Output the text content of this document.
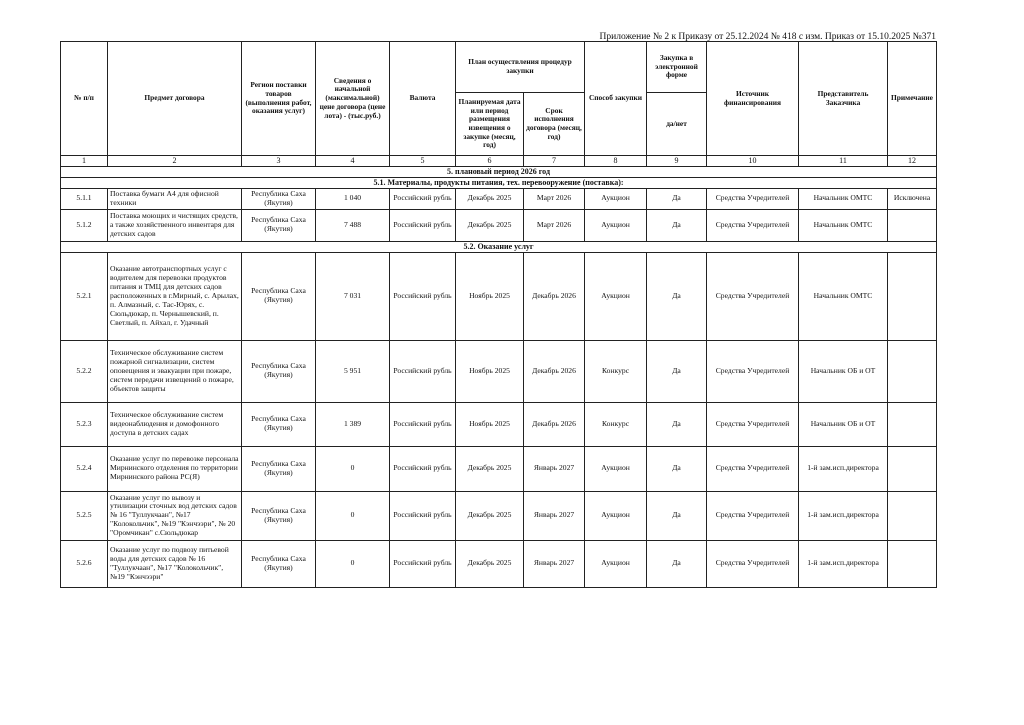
Приложение № 2 к Приказу от 25.12.2024 № 418 с изм. Приказ от 15.10.2025 №371
№ п/п	Предмет договора	Регион поставки товаров (выполнения работ, оказания услуг)	Сведения о начальной (максимальной) цене договора (цене лота) - (тыс.руб.)	Валюта	План осуществления процедур закупки		Способ закупки	Закупка в электронной форме	Источник финансирования	Представитель Заказчика	Примечание
					Планируемая дата или период размещения извещения о закупке (месяц, год)	Срок исполнения договора (месяц, год)		да/нет			
1	2	3	4	5	6	7	8	9	10	11	12
5. плановый период 2026 год											
5.1. Материалы, продукты питания, тех. перевооружение (поставка):											
5.1.1	Поставка бумаги А4 для офисной техники	Республика Саха (Якутия)	1 040	Российский рубль	Декабрь 2025	Март 2026	Аукцион	Да	Средства Учредителей	Начальник ОМТС	Исключена
5.1.2	Поставка моющих и чистящих средств, а также хозяйственного инвентаря для детских садов	Республика Саха (Якутия)	7 488	Российский рубль	Декабрь 2025	Март 2026	Аукцион	Да	Средства Учредителей	Начальник ОМТС	
5.2. Оказание услуг											
5.2.1	Оказание автотранспортных услуг с водителем для перевозки продуктов питания и ТМЦ для детских садов расположенных в г.Мирный, с. Арылах, п. Алмазный, с. Тас-Юрях, с. Сюльдюкар, п. Чернышевский, п. Светлый, п. Айхал, г. Удачный	Республика Саха (Якутия)	7 031	Российский рубль	Ноябрь 2025	Декабрь 2026	Аукцион	Да	Средства Учредителей	Начальник ОМТС	
5.2.2	Техническое обслуживание систем пожарной сигнализации, систем оповещения и эвакуации при пожаре, систем передачи извещений о пожаре, объектов защиты	Республика Саха (Якутия)	5 951	Российский рубль	Ноябрь 2025	Декабрь 2026	Конкурс	Да	Средства Учредителей	Начальник ОБ и ОТ	
5.2.3	Техническое обслуживание систем видеонаблюдения и домофонного доступа в детских садах	Республика Саха (Якутия)	1 389	Российский рубль	Ноябрь 2025	Декабрь 2026	Конкурс	Да	Средства Учредителей	Начальник ОБ и ОТ	
5.2.4	Оказание услуг по перевозке персонала Мирнинского отделения по территории Мирнинского района РС(Я)	Республика Саха (Якутия)	0	Российский рубль	Декабрь 2025	Январь 2027	Аукцион	Да	Средства Учредителей	1-й зам.исп.директора	
5.2.5	Оказание услуг по вывозу и утилизации сточных вод детских садов № 16 "Туллукчаан", №17 "Колокольчик", №19 "Кэнчээри", № 20 "Оромчикан" с.Сюльдюкар	Республика Саха (Якутия)	0	Российский рубль	Декабрь 2025	Январь 2027	Аукцион	Да	Средства Учредителей	1-й зам.исп.директора	
5.2.6	Оказание услуг по подвозу питьевой воды для детских садов № 16 "Туллукчаан", №17 "Колокольчик", №19 "Кэнчээри"	Республика Саха (Якутия)	0	Российский рубль	Декабрь 2025	Январь 2027	Аукцион	Да	Средства Учредителей	1-й зам.исп.директора	
